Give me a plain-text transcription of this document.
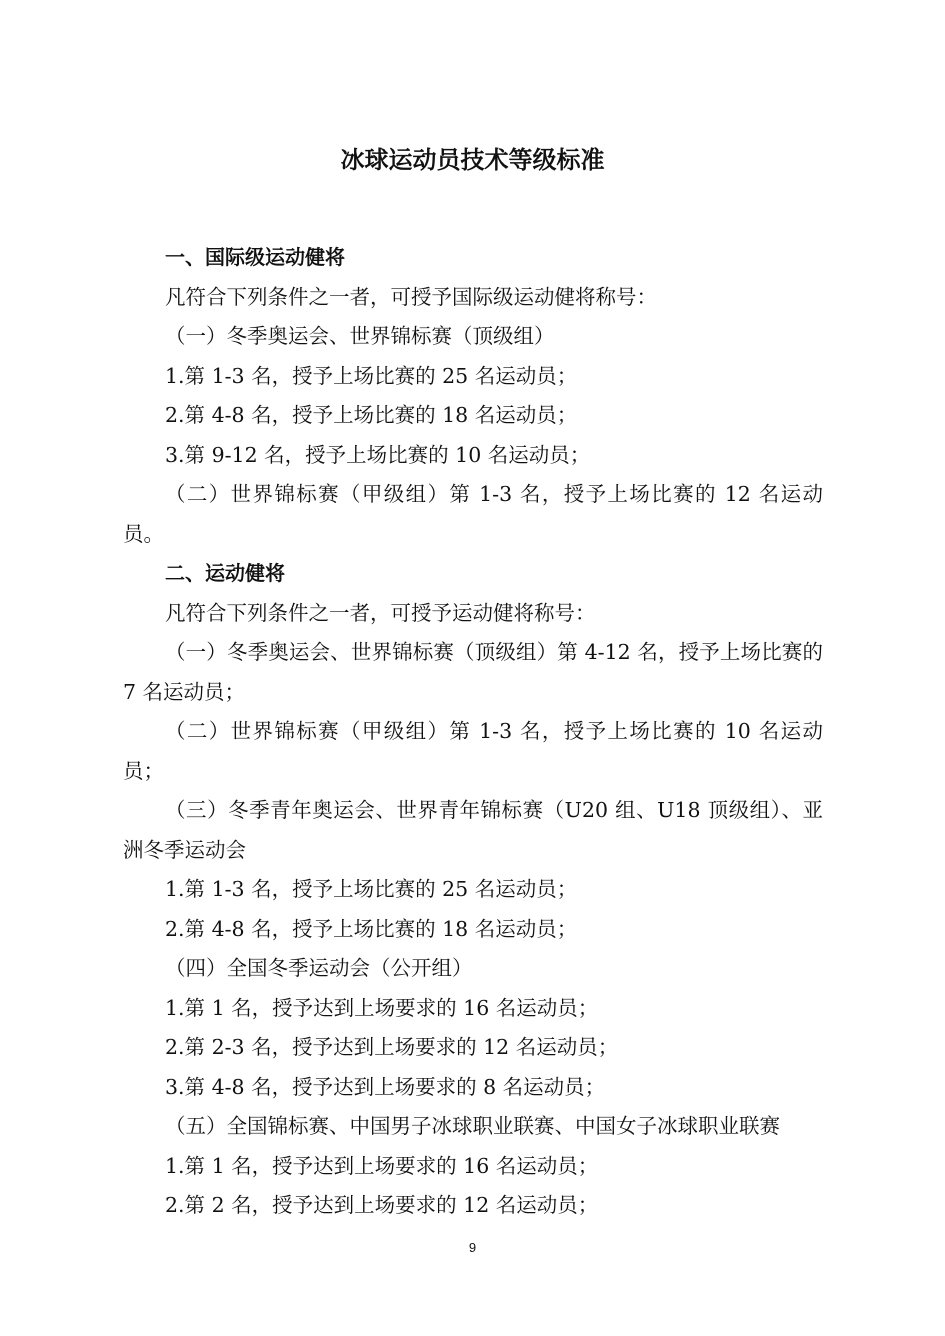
冰球运动员技术等级标准

一、国际级运动健将

凡符合下列条件之一者，可授予国际级运动健将称号：

（一）冬季奥运会、世界锦标赛（顶级组）

1.第 1-3 名，授予上场比赛的 25 名运动员；

2.第 4-8 名，授予上场比赛的 18 名运动员；

3.第 9-12 名，授予上场比赛的 10 名运动员；

（二）世界锦标赛（甲级组）第 1-3 名，授予上场比赛的 12 名运动员。

二、运动健将

凡符合下列条件之一者，可授予运动健将称号：

（一）冬季奥运会、世界锦标赛（顶级组）第 4-12 名，授予上场比赛的 7 名运动员；

（二）世界锦标赛（甲级组）第 1-3 名，授予上场比赛的 10 名运动员；

（三）冬季青年奥运会、世界青年锦标赛（U20 组、U18 顶级组）、亚洲冬季运动会

1.第 1-3 名，授予上场比赛的 25 名运动员；

2.第 4-8 名，授予上场比赛的 18 名运动员；

（四）全国冬季运动会（公开组）

1.第 1 名，授予达到上场要求的 16 名运动员；

2.第 2-3 名，授予达到上场要求的 12 名运动员；

3.第 4-8 名，授予达到上场要求的 8 名运动员；

（五）全国锦标赛、中国男子冰球职业联赛、中国女子冰球职业联赛

1.第 1 名，授予达到上场要求的 16 名运动员；

2.第 2 名，授予达到上场要求的 12 名运动员；

9
